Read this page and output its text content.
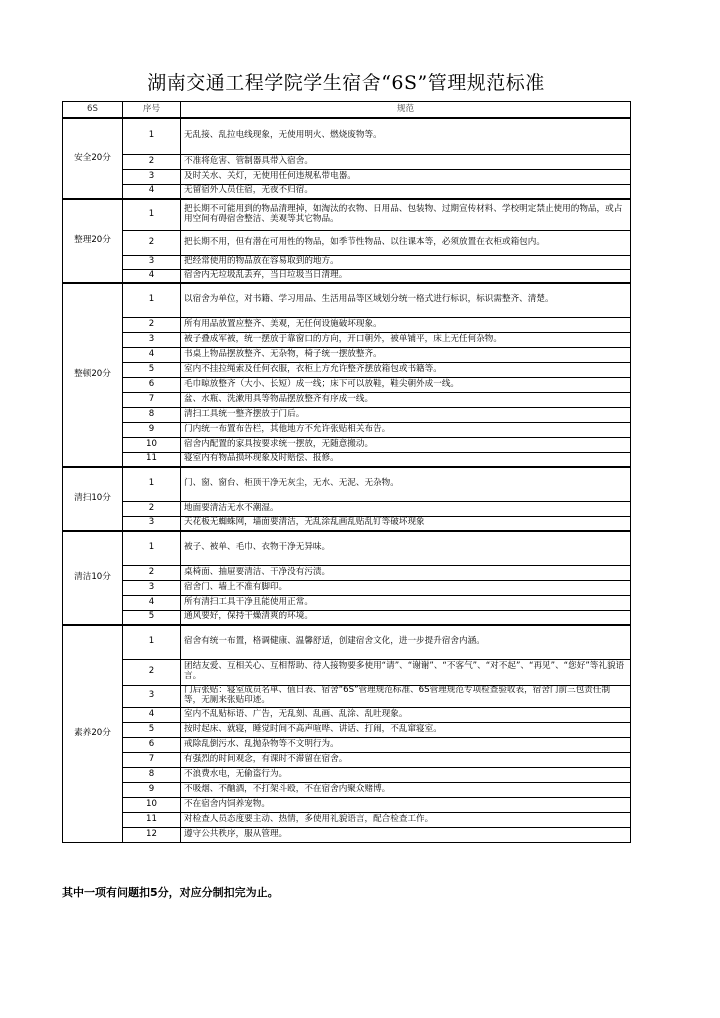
湖南交通工程学院学生宿舍“6S”管理规范标准
6S	序号	规范
安全20分	1	无乱接、乱拉电线现象，无使用明火、燃烧废物等。
	2	不准将危害、管制器具带入宿舍。
	3	及时关水、关灯，无使用任何违规私带电器。
	4	无留宿外人员住宿，无夜不归宿。
整理20分	1	把长期不可能用到的物品清理掉，如淘汰的衣物、日用品、包装物、过期宣传材料、学校明定禁止使用的物品，或占用空间有碍宿舍整洁、美观等其它物品。
	2	把长期不用，但有潜在可用性的物品，如季节性物品、以往课本等，必须放置在衣柜或箱包内。
	3	把经常使用的物品放在容易取到的地方。
	4	宿舍内无垃圾乱丢弃，当日垃圾当日清理。
整顿20分	1	以宿舍为单位，对书籍、学习用品、生活用品等区域划分统一格式进行标识，标识需整齐、清楚。
	2	所有用品放置应整齐、美观，无任何设施破坏现象。
	3	被子叠成军被，统一摆放于靠窗口的方向，开口朝外，被单铺平，床上无任何杂物。
	4	书桌上物品摆放整齐、无杂物，椅子统一摆放整齐。
	5	室内不挂拉绳索及任何衣服，衣柜上方允许整齐摆放箱包或书籍等。
	6	毛巾晾放整齐（大小、长短）成一线；床下可以放鞋，鞋尖朝外成一线。
	7	盆、水瓶、洗漱用具等物品摆放整齐有序成一线。
	8	清扫工具统一整齐摆放于门后。
	9	门内统一布置布告栏，其他地方不允许张贴相关布告。
	10	宿舍内配置的家具按要求统一摆放，无随意搬动。
	11	寝室内有物品损坏现象及时赔偿、报修。
清扫10分	1	门、窗、窗台、柜顶干净无灰尘，无水、无泥、无杂物。
	2	地面要清洁无水不潮湿。
	3	天花板无蜘蛛网，墙面要清洁，无乱涂乱画乱贴乱钉等破坏现象
清洁10分	1	被子、被单、毛巾、衣物干净无异味。
	2	桌椅面、抽屉要清洁、干净没有污渍。
	3	宿舍门、墙上不准有脚印。
	4	所有清扫工具干净且能使用正常。
	5	通风要好，保持干燥清爽的环境。
素养20分	1	宿舍有统一布置，格调健康、温馨舒适，创建宿舍文化，进一步提升宿舍内涵。
	2	团结友爱、互相关心、互相帮助、待人接物要多使用“请”、“谢谢”、“不客气”、“对不起”、“再见”、“您好”等礼貌语言。
	3	门后张贴：寝室成员名单、值日表、宿舍“6S”管理规范标准、6S管理规范专项检查验收表，宿舍门前三包责任制等，无厕来张贴印迹。
	4	室内不乱贴标语、广告，无乱刻、乱画、乱涂、乱吐现象。
	5	按时起床、就寝，睡觉时间不高声喧哗、讲话、打闹，不乱窜寝室。
	6	戒除乱倒污水、乱抛杂物等不文明行为。
	7	有强烈的时间观念，有课时不滞留在宿舍。
	8	不浪费水电，无偷盗行为。
	9	不吸烟、不酗酒，不打架斗殴，不在宿舍内聚众赌博。
	10	不在宿舍内饲养宠物。
	11	对检查人员态度要主动、热情，多使用礼貌语言，配合检查工作。
	12	遵守公共秩序，服从管理。
其中一项有问题扣5分，对应分制扣完为止。
